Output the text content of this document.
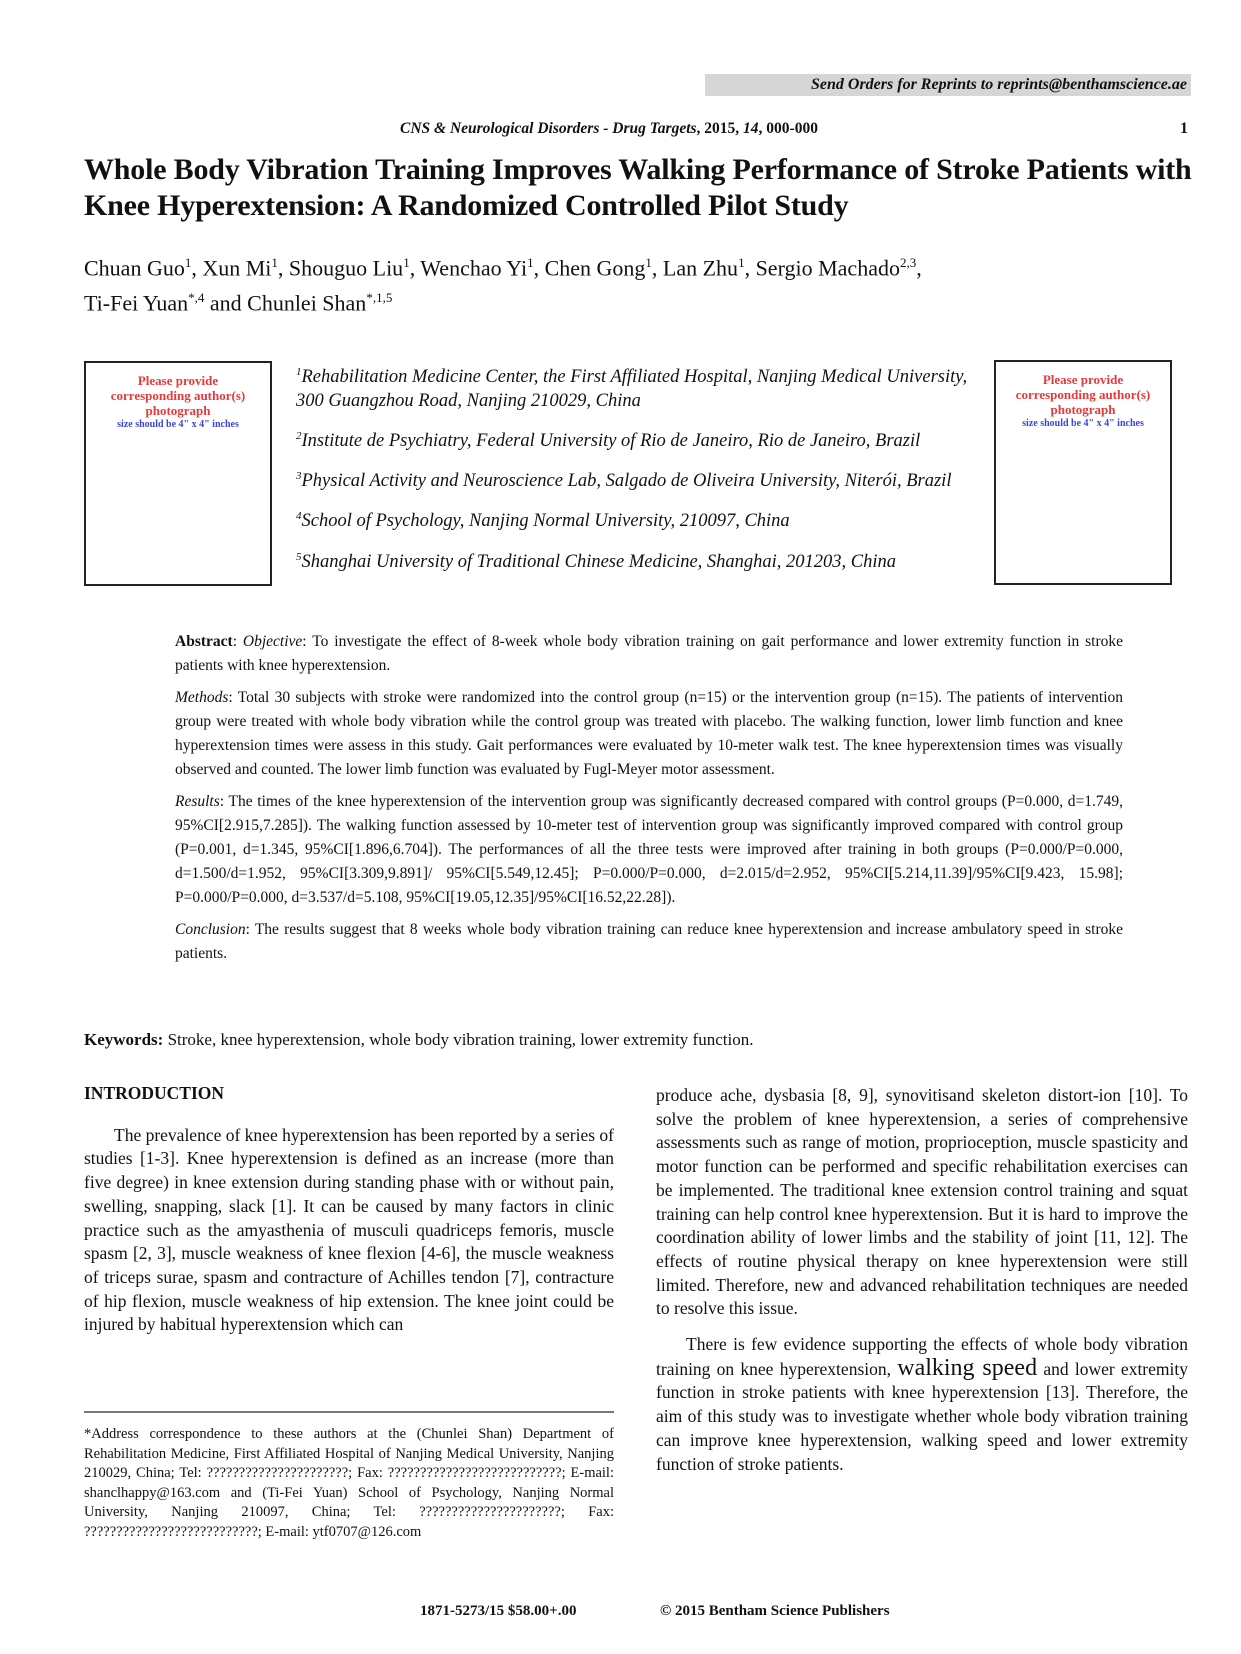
Send Orders for Reprints to reprints@benthamscience.ae
CNS & Neurological Disorders - Drug Targets, 2015, 14, 000-000	1
Whole Body Vibration Training Improves Walking Performance of Stroke Patients with Knee Hyperextension: A Randomized Controlled Pilot Study
Chuan Guo$^1$, Xun Mi$^1$, Shouguo Liu$^1$, Wenchao Yi$^1$, Chen Gong$^1$, Lan Zhu$^1$, Sergio Machado$^{2,3}$,
Ti-Fei Yuan$^{*,4}$ and Chunlei Shan$^{*,1,5}$
Please provide
corresponding author(s)
photograph
size should be 4" x 4" inches
$^1$Rehabilitation Medicine Center, the First Affiliated Hospital, Nanjing Medical University, 300 Guangzhou Road, Nanjing 210029, China
$^2$Institute de Psychiatry, Federal University of Rio de Janeiro, Rio de Janeiro, Brazil
$^3$Physical Activity and Neuroscience Lab, Salgado de Oliveira University, Niterói, Brazil
$^4$School of Psychology, Nanjing Normal University, 210097, China
$^5$Shanghai University of Traditional Chinese Medicine, Shanghai, 201203, China
Please provide
corresponding author(s)
photograph
size should be 4" x 4" inches

Abstract: Objective: To investigate the effect of 8-week whole body vibration training on gait performance and lower extremity function in stroke patients with knee hyperextension.

Methods: Total 30 subjects with stroke were randomized into the control group (n=15) or the intervention group (n=15). The patients of intervention group were treated with whole body vibration while the control group was treated with placebo. The walking function, lower limb function and knee hyperextension times were assess in this study. Gait performances were evaluated by 10-meter walk test. The knee hyperextension times was visually observed and counted. The lower limb function was evaluated by Fugl-Meyer motor assessment.

Results: The times of the knee hyperextension of the intervention group was significantly decreased compared with control groups (P=0.000, d=1.749, 95%CI[2.915,7.285]). The walking function assessed by 10-meter test of intervention group was significantly improved compared with control group (P=0.001, d=1.345, 95%CI[1.896,6.704]). The performances of all the three tests were improved after training in both groups (P=0.000/P=0.000, d=1.500/d=1.952, 95%CI[3.309,9.891]/ 95%CI[5.549,12.45]; P=0.000/P=0.000, d=2.015/d=2.952, 95%CI[5.214,11.39]/95%CI[9.423, 15.98]; P=0.000/P=0.000, d=3.537/d=5.108, 95%CI[19.05,12.35]/95%CI[16.52,22.28]).

Conclusion: The results suggest that 8 weeks whole body vibration training can reduce knee hyperextension and increase ambulatory speed in stroke patients.

Keywords: Stroke, knee hyperextension, whole body vibration training, lower extremity function.
INTRODUCTION

The prevalence of knee hyperextension has been reported by a series of studies [1-3]. Knee hyperextension is defined as an increase (more than five degree) in knee extension during standing phase with or without pain, swelling, snapping, slack [1]. It can be caused by many factors in clinic practice such as the amyasthenia of musculi quadriceps femoris, muscle spasm [2, 3], muscle weakness of knee flexion [4-6], the muscle weakness of triceps surae, spasm and contracture of Achilles tendon [7], contracture of hip flexion, muscle weakness of hip extension. The knee joint could be injured by habitual hyperextension which can

produce ache, dysbasia [8, 9], synovitisand skeleton distort-ion [10]. To solve the problem of knee hyperextension, a series of comprehensive assessments such as range of motion, proprioception, muscle spasticity and motor function can be performed and specific rehabilitation exercises can be implemented. The traditional knee extension control training and squat training can help control knee hyperextension. But it is hard to improve the coordination ability of lower limbs and the stability of joint [11, 12]. The effects of routine physical therapy on knee hyperextension were still limited. Therefore, new and advanced rehabilitation techniques are needed to resolve this issue.

There is few evidence supporting the effects of whole body vibration training on knee hyperextension, walking speed and lower extremity function in stroke patients with knee hyperextension [13]. Therefore, the aim of this study was to investigate whether whole body vibration training can improve knee hyperextension, walking speed and lower extremity function of stroke patients.

*Address correspondence to these authors at the (Chunlei Shan) Department of Rehabilitation Medicine, First Affiliated Hospital of Nanjing Medical University, Nanjing 210029, China; Tel: ??????????????????????; Fax: ???????????????????????????; E-mail: shanclhappy@163.com and (Ti-Fei Yuan) School of Psychology, Nanjing Normal University, Nanjing 210097, China; Tel: ??????????????????????; Fax: ???????????????????????????; E-mail: ytf0707@126.com
1871-5273/15 $58.00+.00	© 2015 Bentham Science Publishers
